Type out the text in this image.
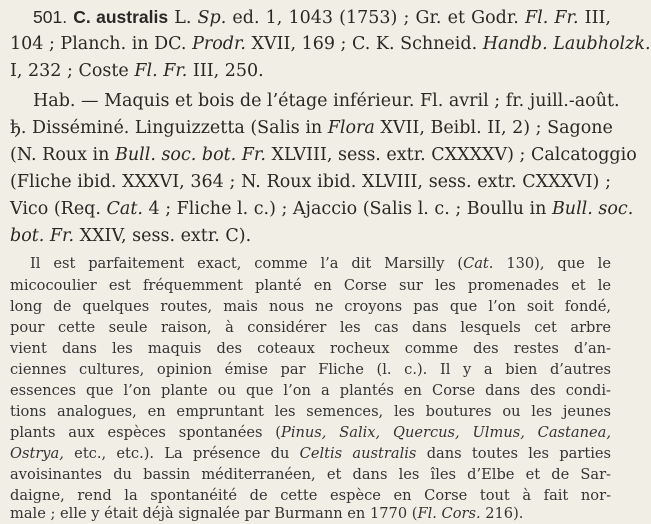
501. C. australis L. Sp. ed. 1, 1043 (1753) ; Gr. et Godr. Fl. Fr. III,
104 ; Planch. in DC. Prodr. XVII, 169 ; C. K. Schneid. Handb. Laubholzk.
I, 232 ; Coste Fl. Fr. III, 250.
Hab. — Maquis et bois de l’étage inférieur. Fl. avril ; fr. juill.-août.
ђ. Disséminé. Linguizzetta (Salis in Flora XVII, Beibl. II, 2) ; Sagone
(N. Roux in Bull. soc. bot. Fr. XLVIII, sess. extr. CXXXXV) ; Calcatoggio
(Fliche ibid. XXXVI, 364 ; N. Roux ibid. XLVIII, sess. extr. CXXXVI) ;
Vico (Req. Cat. 4 ; Fliche l. c.) ; Ajaccio (Salis l. c. ; Boullu in Bull. soc.
bot. Fr. XXIV, sess. extr. C).
Il est parfaitement exact, comme l’a dit Marsilly (Cat. 130), que le
micocoulier est fréquemment planté en Corse sur les promenades et le
long de quelques routes, mais nous ne croyons pas que l’on soit fondé,
pour cette seule raison, à considérer les cas dans lesquels cet arbre
vient dans les maquis des coteaux rocheux comme des restes d’an-
ciennes cultures, opinion émise par Fliche (l. c.). Il y a bien d’autres
essences que l’on plante ou que l’on a plantés en Corse dans des condi-
tions analogues, en empruntant les semences, les boutures ou les jeunes
plants aux espèces spontanées (Pinus, Salix, Quercus, Ulmus, Castanea,
Ostrya, etc., etc.). La présence du Celtis australis dans toutes les parties
avoisinantes du bassin méditerranéen, et dans les îles d’Elbe et de Sar-
daigne, rend la spontanéité de cette espèce en Corse tout à fait nor-
male ; elle y était déjà signalée par Burmann en 1770 (Fl. Cors. 216).
